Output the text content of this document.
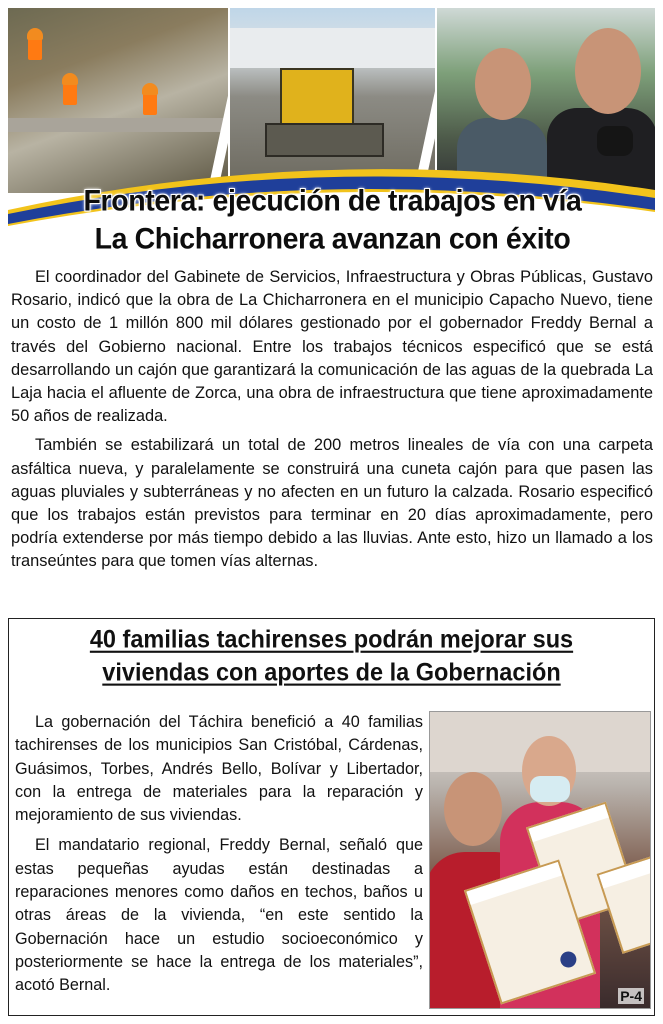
Frontera: ejecución de trabajos en vía
La Chicharronera avanzan con éxito

El coordinador del Gabinete de Servicios, Infraestructura y Obras Públicas, Gustavo Rosario, indicó que la obra de La Chicharronera en el municipio Capacho Nuevo, tiene un costo de 1 millón 800 mil dólares gestionado por el gobernador Freddy Bernal a través del Gobierno nacional. Entre los trabajos técnicos especificó que se está desarrollando un cajón que garantizará la comunicación de las aguas de la quebrada La Laja hacia el afluente de Zorca, una obra de infraestructura que tiene aproximadamente 50 años de realizada.

También se estabilizará un total de 200 metros lineales de vía con una carpeta asfáltica nueva, y paralelamente se construirá una cuneta cajón para que pasen las aguas pluviales y subterráneas y no afecten en un futuro la calzada. Rosario especificó que los trabajos están previstos para terminar en 20 días aproximadamente, pero podría extenderse por más tiempo debido a las lluvias. Ante esto, hizo un llamado a los transeúntes para que tomen vías alternas.

40 familias tachirenses podrán mejorar sus
viviendas con aportes de la Gobernación

La gobernación del Táchira benefició a 40 familias tachirenses de los municipios San Cristóbal, Cárdenas, Guásimos, Torbes, Andrés Bello, Bolívar y Libertador, con la entrega de materiales para la reparación y mejoramiento de sus viviendas.

El mandatario regional, Freddy Bernal, señaló que estas pequeñas ayudas están destinadas a reparaciones menores como daños en techos, baños u otras áreas de la vivienda, “en este sentido la Gobernación hace un estudio socioeconómico y posteriormente se hace la entrega de los materiales”, acotó Bernal.

P-4
